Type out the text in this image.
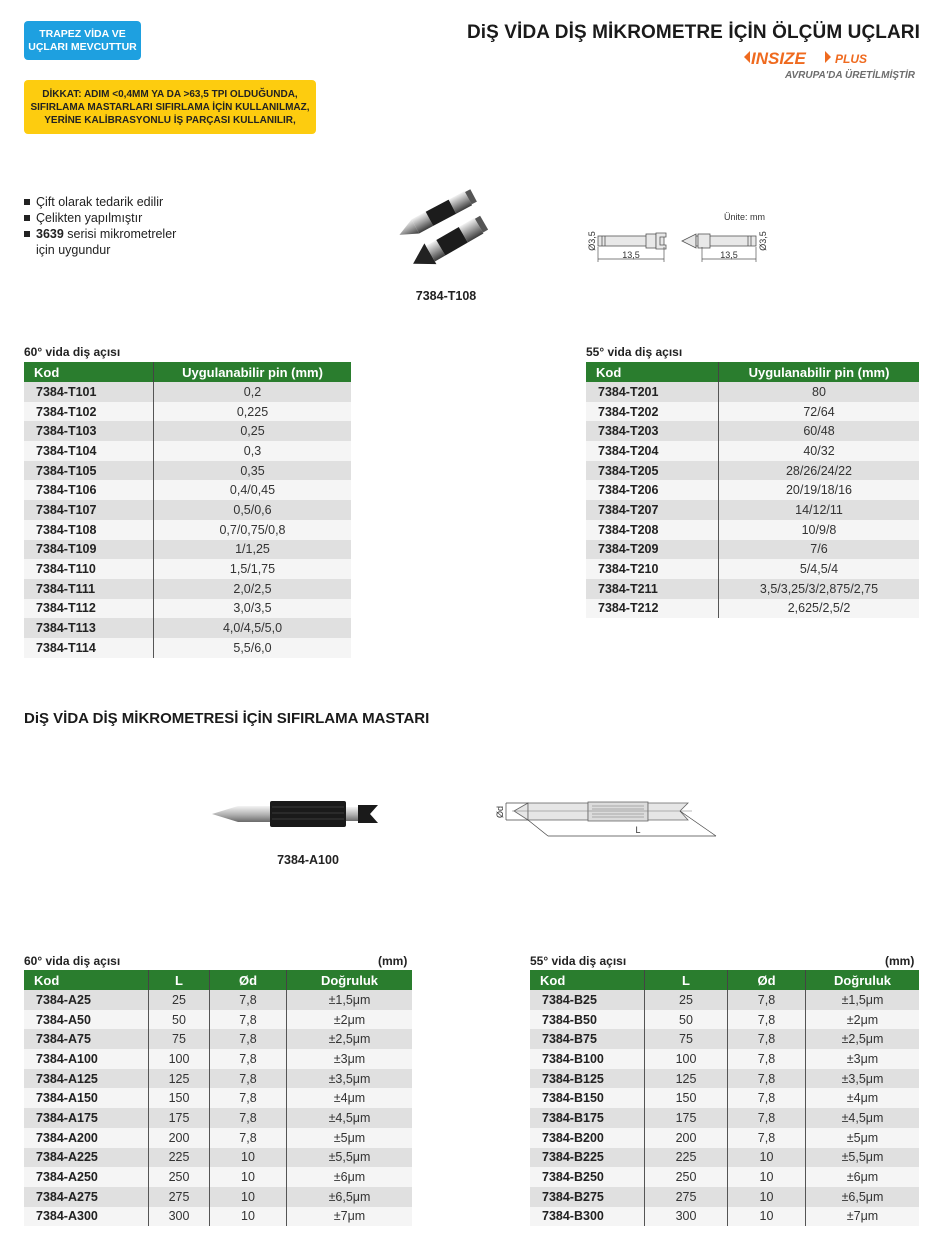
TRAPEZ VİDA VE
UÇLARI MEVCUTTUR
DİKKAT: ADIM <0,4MM YA DA >63,5 TPI OLDUĞUNDA,
SIFIRLAMA MASTARLARI SIFIRLAMA İÇİN KULLANILMAZ,
YERİNE KALİBRASYONLU İŞ PARÇASI KULLANILIR,
DiŞ VİDA DİŞ MİKROMETRE İÇİN ÖLÇÜM UÇLARI
INSIZE PLUS
AVRUPA'DA ÜRETİLMİŞTİR
Çift olarak tedarik edilir
Çelikten yapılmıştır
3639 serisi mikrometreler
için uygundur
7384-T108
Ünite: mm
13,5	13,5
Ø3,5	Ø3,5
60° vida diş açısı
Kod	Uygulanabilir pin (mm)
7384-T101	0,2
7384-T102	0,225
7384-T103	0,25
7384-T104	0,3
7384-T105	0,35
7384-T106	0,4/0,45
7384-T107	0,5/0,6
7384-T108	0,7/0,75/0,8
7384-T109	1/1,25
7384-T110	1,5/1,75
7384-T111	2,0/2,5
7384-T112	3,0/3,5
7384-T113	4,0/4,5/5,0
7384-T114	5,5/6,0
55° vida diş açısı
Kod	Uygulanabilir pin (mm)
7384-T201	80
7384-T202	72/64
7384-T203	60/48
7384-T204	40/32
7384-T205	28/26/24/22
7384-T206	20/19/18/16
7384-T207	14/12/11
7384-T208	10/9/8
7384-T209	7/6
7384-T210	5/4,5/4
7384-T211	3,5/3,25/3/2,875/2,75
7384-T212	2,625/2,5/2
DiŞ VİDA DİŞ MİKROMETRESİ İÇİN SIFIRLAMA MASTARI
7384-A100
L
Ød
60° vida diş açısı	(mm)
Kod	L	Ød	Doğruluk
7384-A25	25	7,8	±1,5μm
7384-A50	50	7,8	±2μm
7384-A75	75	7,8	±2,5μm
7384-A100	100	7,8	±3μm
7384-A125	125	7,8	±3,5μm
7384-A150	150	7,8	±4μm
7384-A175	175	7,8	±4,5μm
7384-A200	200	7,8	±5μm
7384-A225	225	10	±5,5μm
7384-A250	250	10	±6μm
7384-A275	275	10	±6,5μm
7384-A300	300	10	±7μm
55° vida diş açısı	(mm)
Kod	L	Ød	Doğruluk
7384-B25	25	7,8	±1,5μm
7384-B50	50	7,8	±2μm
7384-B75	75	7,8	±2,5μm
7384-B100	100	7,8	±3μm
7384-B125	125	7,8	±3,5μm
7384-B150	150	7,8	±4μm
7384-B175	175	7,8	±4,5μm
7384-B200	200	7,8	±5μm
7384-B225	225	10	±5,5μm
7384-B250	250	10	±6μm
7384-B275	275	10	±6,5μm
7384-B300	300	10	±7μm
